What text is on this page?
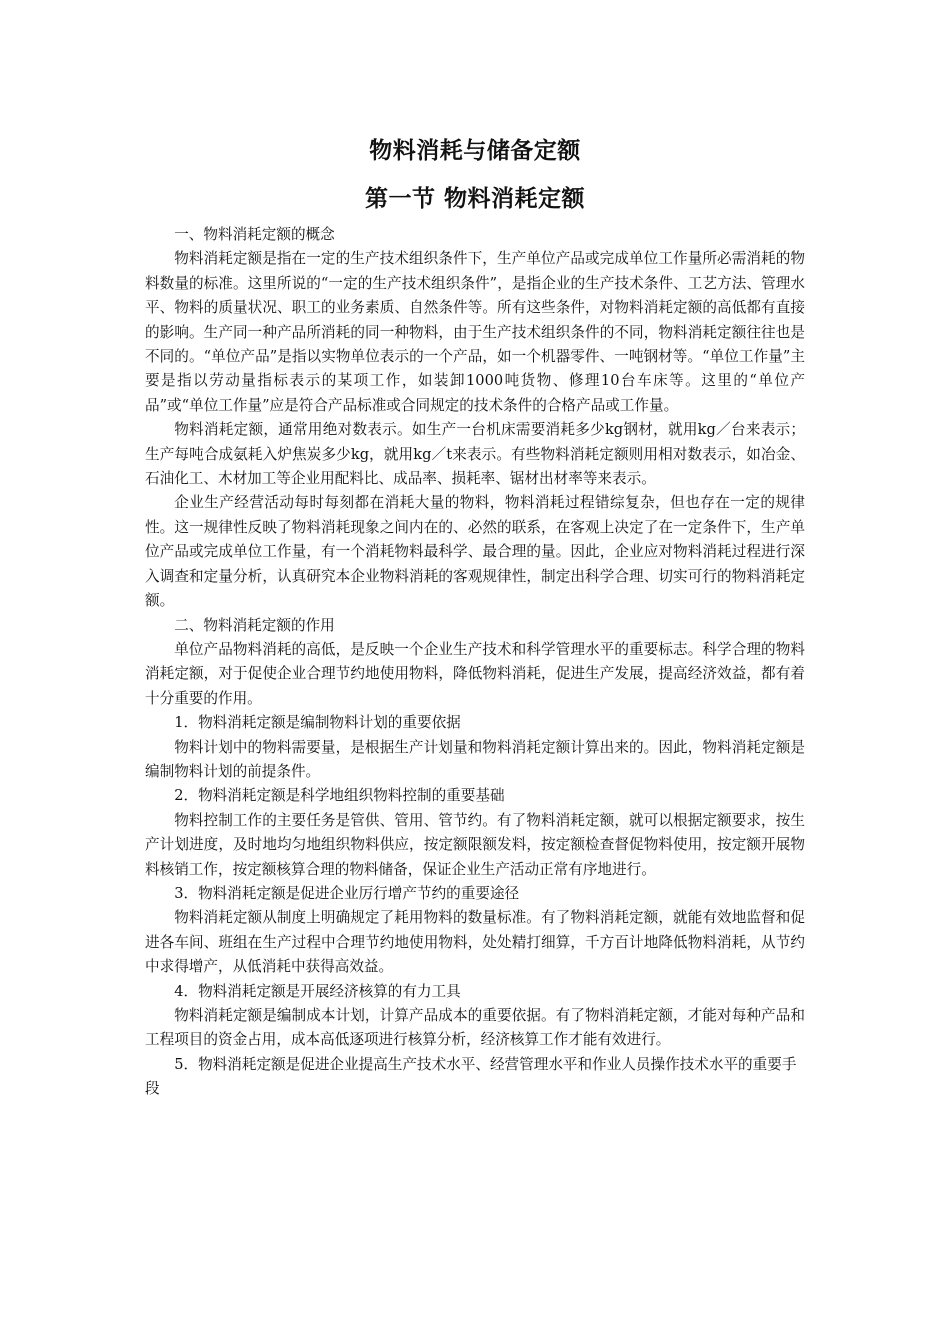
物料消耗与储备定额
第一节 物料消耗定额

一、物料消耗定额的概念

物料消耗定额是指在一定的生产技术组织条件下，生产单位产品或完成单位工作量所必需消耗的物料数量的标准。这里所说的“一定的生产技术组织条件”，是指企业的生产技术条件、工艺方法、管理水平、物料的质量状况、职工的业务素质、自然条件等。所有这些条件，对物料消耗定额的高低都有直接的影响。生产同一种产品所消耗的同一种物料，由于生产技术组织条件的不同，物料消耗定额往往也是不同的。“单位产品”是指以实物单位表示的一个产品，如一个机器零件、一吨钢材等。“单位工作量”主要是指以劳动量指标表示的某项工作，如装卸1000吨货物、修理10台车床等。这里的“单位产品”或“单位工作量”应是符合产品标准或合同规定的技术条件的合格产品或工作量。

物料消耗定额，通常用绝对数表示。如生产一台机床需要消耗多少kg钢材，就用kg／台来表示；生产每吨合成氨耗入炉焦炭多少kg，就用kg／t来表示。有些物料消耗定额则用相对数表示，如冶金、石油化工、木材加工等企业用配料比、成品率、损耗率、锯材出材率等来表示。

企业生产经营活动每时每刻都在消耗大量的物料，物料消耗过程错综复杂，但也存在一定的规律性。这一规律性反映了物料消耗现象之间内在的、必然的联系，在客观上决定了在一定条件下，生产单位产品或完成单位工作量，有一个消耗物料最科学、最合理的量。因此，企业应对物料消耗过程进行深入调查和定量分析，认真研究本企业物料消耗的客观规律性，制定出科学合理、切实可行的物料消耗定额。

二、物料消耗定额的作用

单位产品物料消耗的高低，是反映一个企业生产技术和科学管理水平的重要标志。科学合理的物料消耗定额，对于促使企业合理节约地使用物料，降低物料消耗，促进生产发展，提高经济效益，都有着十分重要的作用。

1．物料消耗定额是编制物料计划的重要依据

物料计划中的物料需要量，是根据生产计划量和物料消耗定额计算出来的。因此，物料消耗定额是编制物料计划的前提条件。

2．物料消耗定额是科学地组织物料控制的重要基础

物料控制工作的主要任务是管供、管用、管节约。有了物料消耗定额，就可以根据定额要求，按生产计划进度，及时地均匀地组织物料供应，按定额限额发料，按定额检查督促物料使用，按定额开展物料核销工作，按定额核算合理的物料储备，保证企业生产活动正常有序地进行。

3．物料消耗定额是促进企业厉行增产节约的重要途径

物料消耗定额从制度上明确规定了耗用物料的数量标准。有了物料消耗定额，就能有效地监督和促进各车间、班组在生产过程中合理节约地使用物料，处处精打细算，千方百计地降低物料消耗，从节约中求得增产，从低消耗中获得高效益。

4．物料消耗定额是开展经济核算的有力工具

物料消耗定额是编制成本计划，计算产品成本的重要依据。有了物料消耗定额，才能对每种产品和工程项目的资金占用，成本高低逐项进行核算分析，经济核算工作才能有效进行。

5．物料消耗定额是促进企业提高生产技术水平、经营管理水平和作业人员操作技术水平的重要手段
